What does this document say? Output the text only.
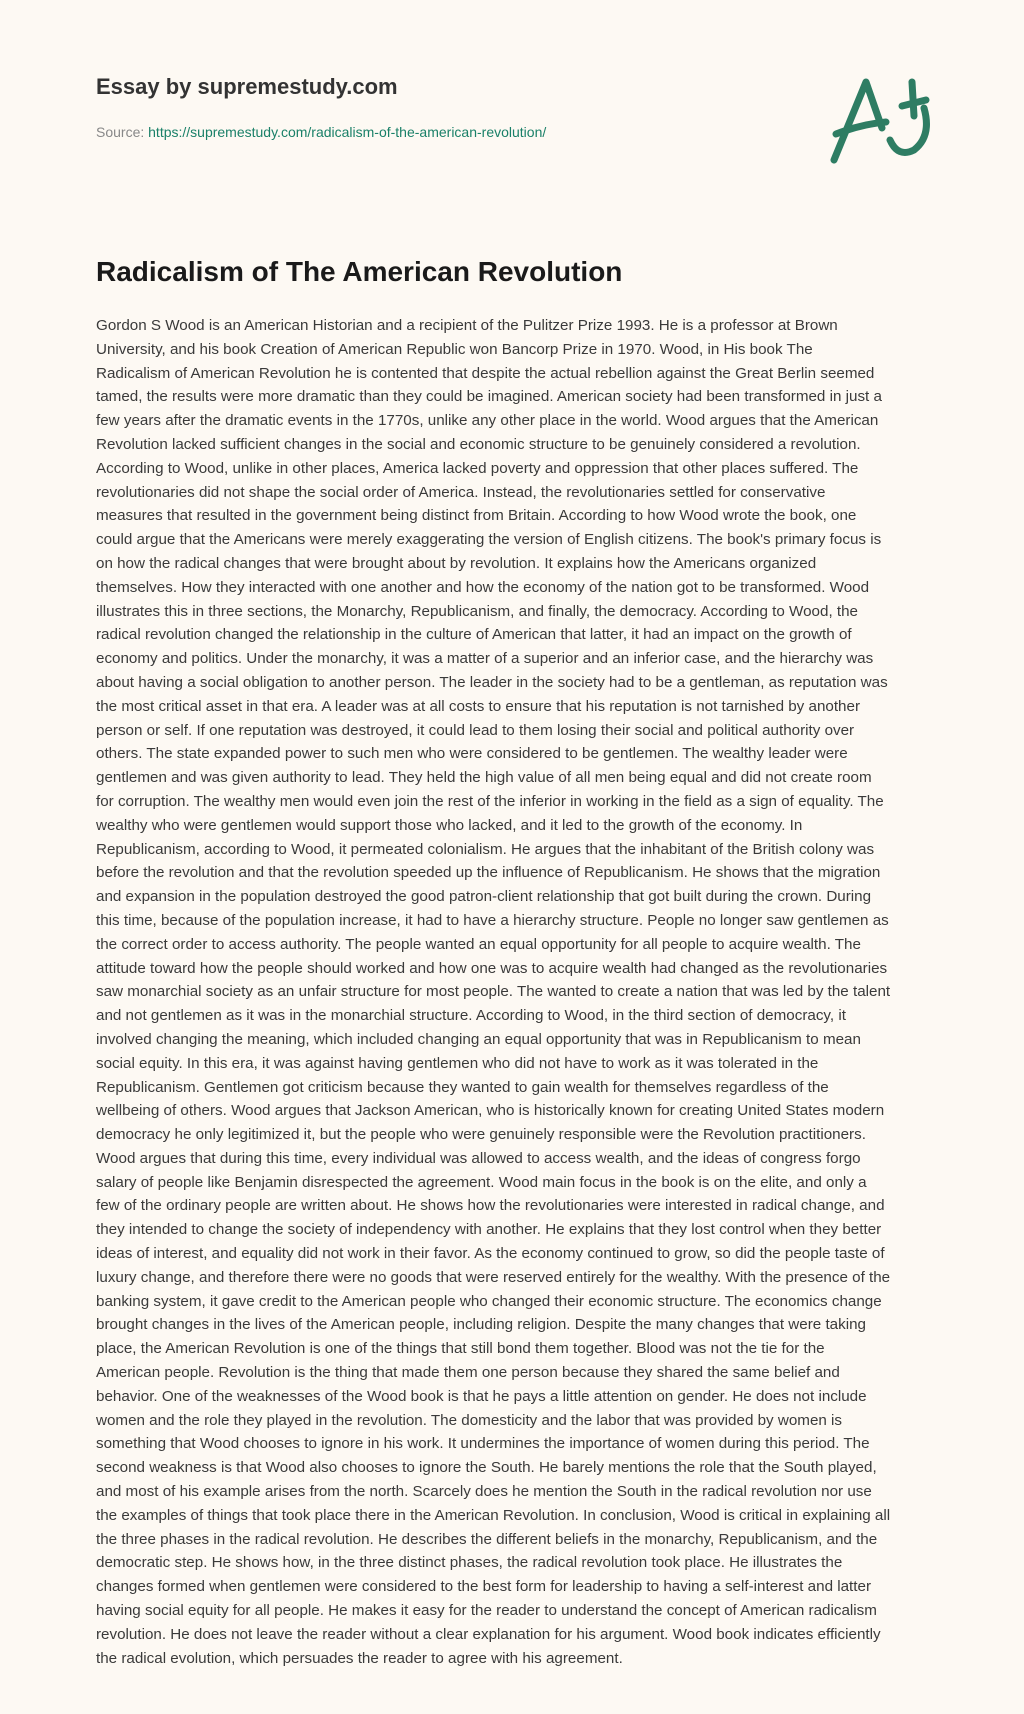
Essay by supremestudy.com
Source: https://supremestudy.com/radicalism-of-the-american-revolution/
Radicalism of The American Revolution

Gordon S Wood is an American Historian and a recipient of the Pulitzer Prize 1993. He is a professor at Brown University, and his book Creation of American Republic won Bancorp Prize in 1970. Wood, in His book The Radicalism of American Revolution he is contented that despite the actual rebellion against the Great Berlin seemed tamed, the results were more dramatic than they could be imagined. American society had been transformed in just a few years after the dramatic events in the 1770s, unlike any other place in the world. Wood argues that the American Revolution lacked sufficient changes in the social and economic structure to be genuinely considered a revolution. According to Wood, unlike in other places, America lacked poverty and oppression that other places suffered. The revolutionaries did not shape the social order of America. Instead, the revolutionaries settled for conservative measures that resulted in the government being distinct from Britain. According to how Wood wrote the book, one could argue that the Americans were merely exaggerating the version of English citizens. The book's primary focus is on how the radical changes that were brought about by revolution. It explains how the Americans organized themselves. How they interacted with one another and how the economy of the nation got to be transformed. Wood illustrates this in three sections, the Monarchy, Republicanism, and finally, the democracy. According to Wood, the radical revolution changed the relationship in the culture of American that latter, it had an impact on the growth of economy and politics. Under the monarchy, it was a matter of a superior and an inferior case, and the hierarchy was about having a social obligation to another person. The leader in the society had to be a gentleman, as reputation was the most critical asset in that era. A leader was at all costs to ensure that his reputation is not tarnished by another person or self. If one reputation was destroyed, it could lead to them losing their social and political authority over others. The state expanded power to such men who were considered to be gentlemen. The wealthy leader were gentlemen and was given authority to lead. They held the high value of all men being equal and did not create room for corruption. The wealthy men would even join the rest of the inferior in working in the field as a sign of equality. The wealthy who were gentlemen would support those who lacked, and it led to the growth of the economy. In Republicanism, according to Wood, it permeated colonialism. He argues that the inhabitant of the British colony was before the revolution and that the revolution speeded up the influence of Republicanism. He shows that the migration and expansion in the population destroyed the good patron-client relationship that got built during the crown. During this time, because of the population increase, it had to have a hierarchy structure. People no longer saw gentlemen as the correct order to access authority. The people wanted an equal opportunity for all people to acquire wealth. The attitude toward how the people should worked and how one was to acquire wealth had changed as the revolutionaries saw monarchial society as an unfair structure for most people. The wanted to create a nation that was led by the talent and not gentlemen as it was in the monarchial structure. According to Wood, in the third section of democracy, it involved changing the meaning, which included changing an equal opportunity that was in Republicanism to mean social equity. In this era, it was against having gentlemen who did not have to work as it was tolerated in the Republicanism. Gentlemen got criticism because they wanted to gain wealth for themselves regardless of the wellbeing of others. Wood argues that Jackson American, who is historically known for creating United States modern democracy he only legitimized it, but the people who were genuinely responsible were the Revolution practitioners. Wood argues that during this time, every individual was allowed to access wealth, and the ideas of congress forgo salary of people like Benjamin disrespected the agreement. Wood main focus in the book is on the elite, and only a few of the ordinary people are written about. He shows how the revolutionaries were interested in radical change, and they intended to change the society of independency with another. He explains that they lost control when they better ideas of interest, and equality did not work in their favor. As the economy continued to grow, so did the people taste of luxury change, and therefore there were no goods that were reserved entirely for the wealthy. With the presence of the banking system, it gave credit to the American people who changed their economic structure. The economics change brought changes in the lives of the American people, including religion. Despite the many changes that were taking place, the American Revolution is one of the things that still bond them together. Blood was not the tie for the American people. Revolution is the thing that made them one person because they shared the same belief and behavior. One of the weaknesses of the Wood book is that he pays a little attention on gender. He does not include women and the role they played in the revolution. The domesticity and the labor that was provided by women is something that Wood chooses to ignore in his work. It undermines the importance of women during this period. The second weakness is that Wood also chooses to ignore the South. He barely mentions the role that the South played, and most of his example arises from the north. Scarcely does he mention the South in the radical revolution nor use the examples of things that took place there in the American Revolution. In conclusion, Wood is critical in explaining all the three phases in the radical revolution. He describes the different beliefs in the monarchy, Republicanism, and the democratic step. He shows how, in the three distinct phases, the radical revolution took place. He illustrates the changes formed when gentlemen were considered to the best form for leadership to having a self-interest and latter having social equity for all people. He makes it easy for the reader to understand the concept of American radicalism revolution. He does not leave the reader without a clear explanation for his argument. Wood book indicates efficiently the radical evolution, which persuades the reader to agree with his agreement.
